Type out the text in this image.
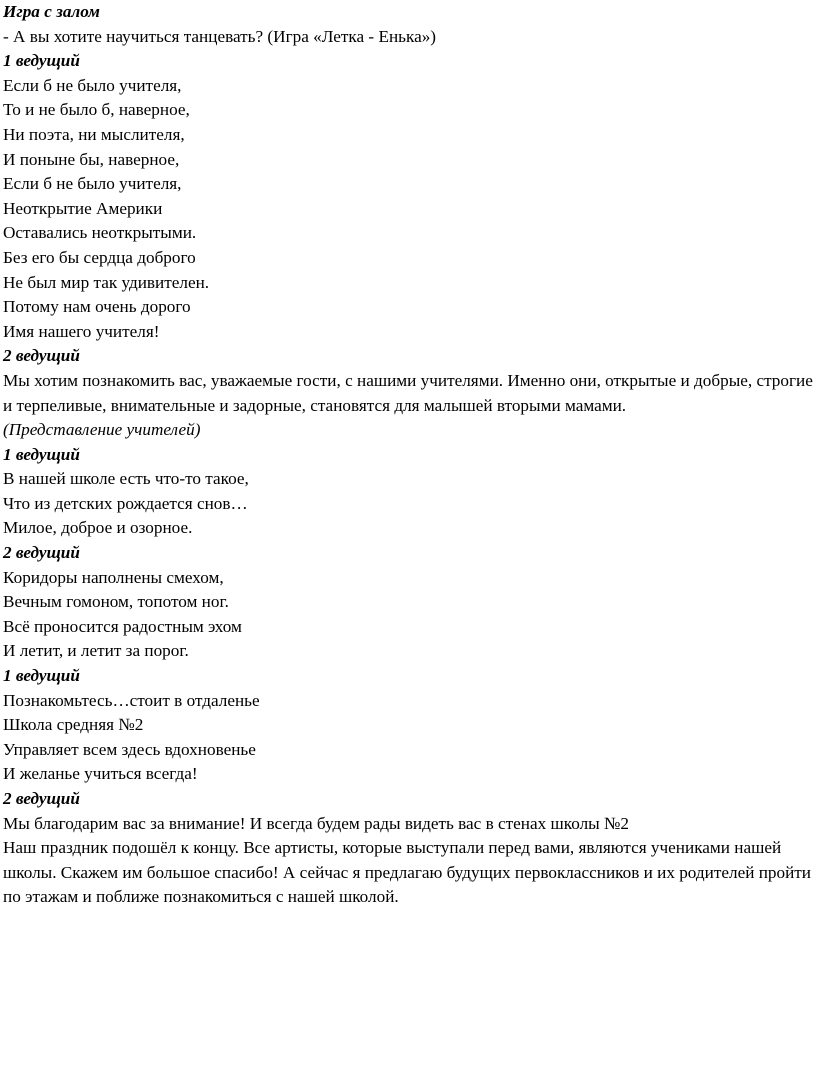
Игра с залом

- А вы хотите научиться танцевать? (Игра «Летка - Енька»)

1 ведущий

Если б не было учителя,

То и не было б, наверное,

Ни поэта, ни мыслителя,

И поныне бы, наверное,

Если б не было учителя,

Неоткрытие Америки

Оставались неоткрытыми.

Без его бы сердца доброго

Не был мир так удивителен.

Потому нам очень дорого

Имя нашего учителя!

2 ведущий

Мы хотим познакомить вас, уважаемые гости, с нашими учителями. Именно они, открытые и добрые, строгие и терпеливые, внимательные и задорные, становятся для малышей вторыми мамами.

(Представление учителей)

1 ведущий

В нашей школе есть что-то такое,

Что из детских рождается снов…

Милое, доброе и озорное.

2 ведущий

Коридоры наполнены смехом,

Вечным гомоном, топотом ног.

Всё проносится радостным эхом

И летит, и летит за порог.

1 ведущий

Познакомьтесь…стоит в отдаленье

Школа средняя №2

Управляет всем здесь вдохновенье

И желанье учиться всегда!

2 ведущий

Мы благодарим вас за внимание! И всегда будем рады видеть вас в стенах школы №2

Наш праздник подошёл к концу. Все артисты, которые выступали перед вами, являются учениками нашей школы. Скажем им большое спасибо! А сейчас я предлагаю будущих первоклассников и их родителей пройти по этажам и поближе познакомиться с нашей школой.
